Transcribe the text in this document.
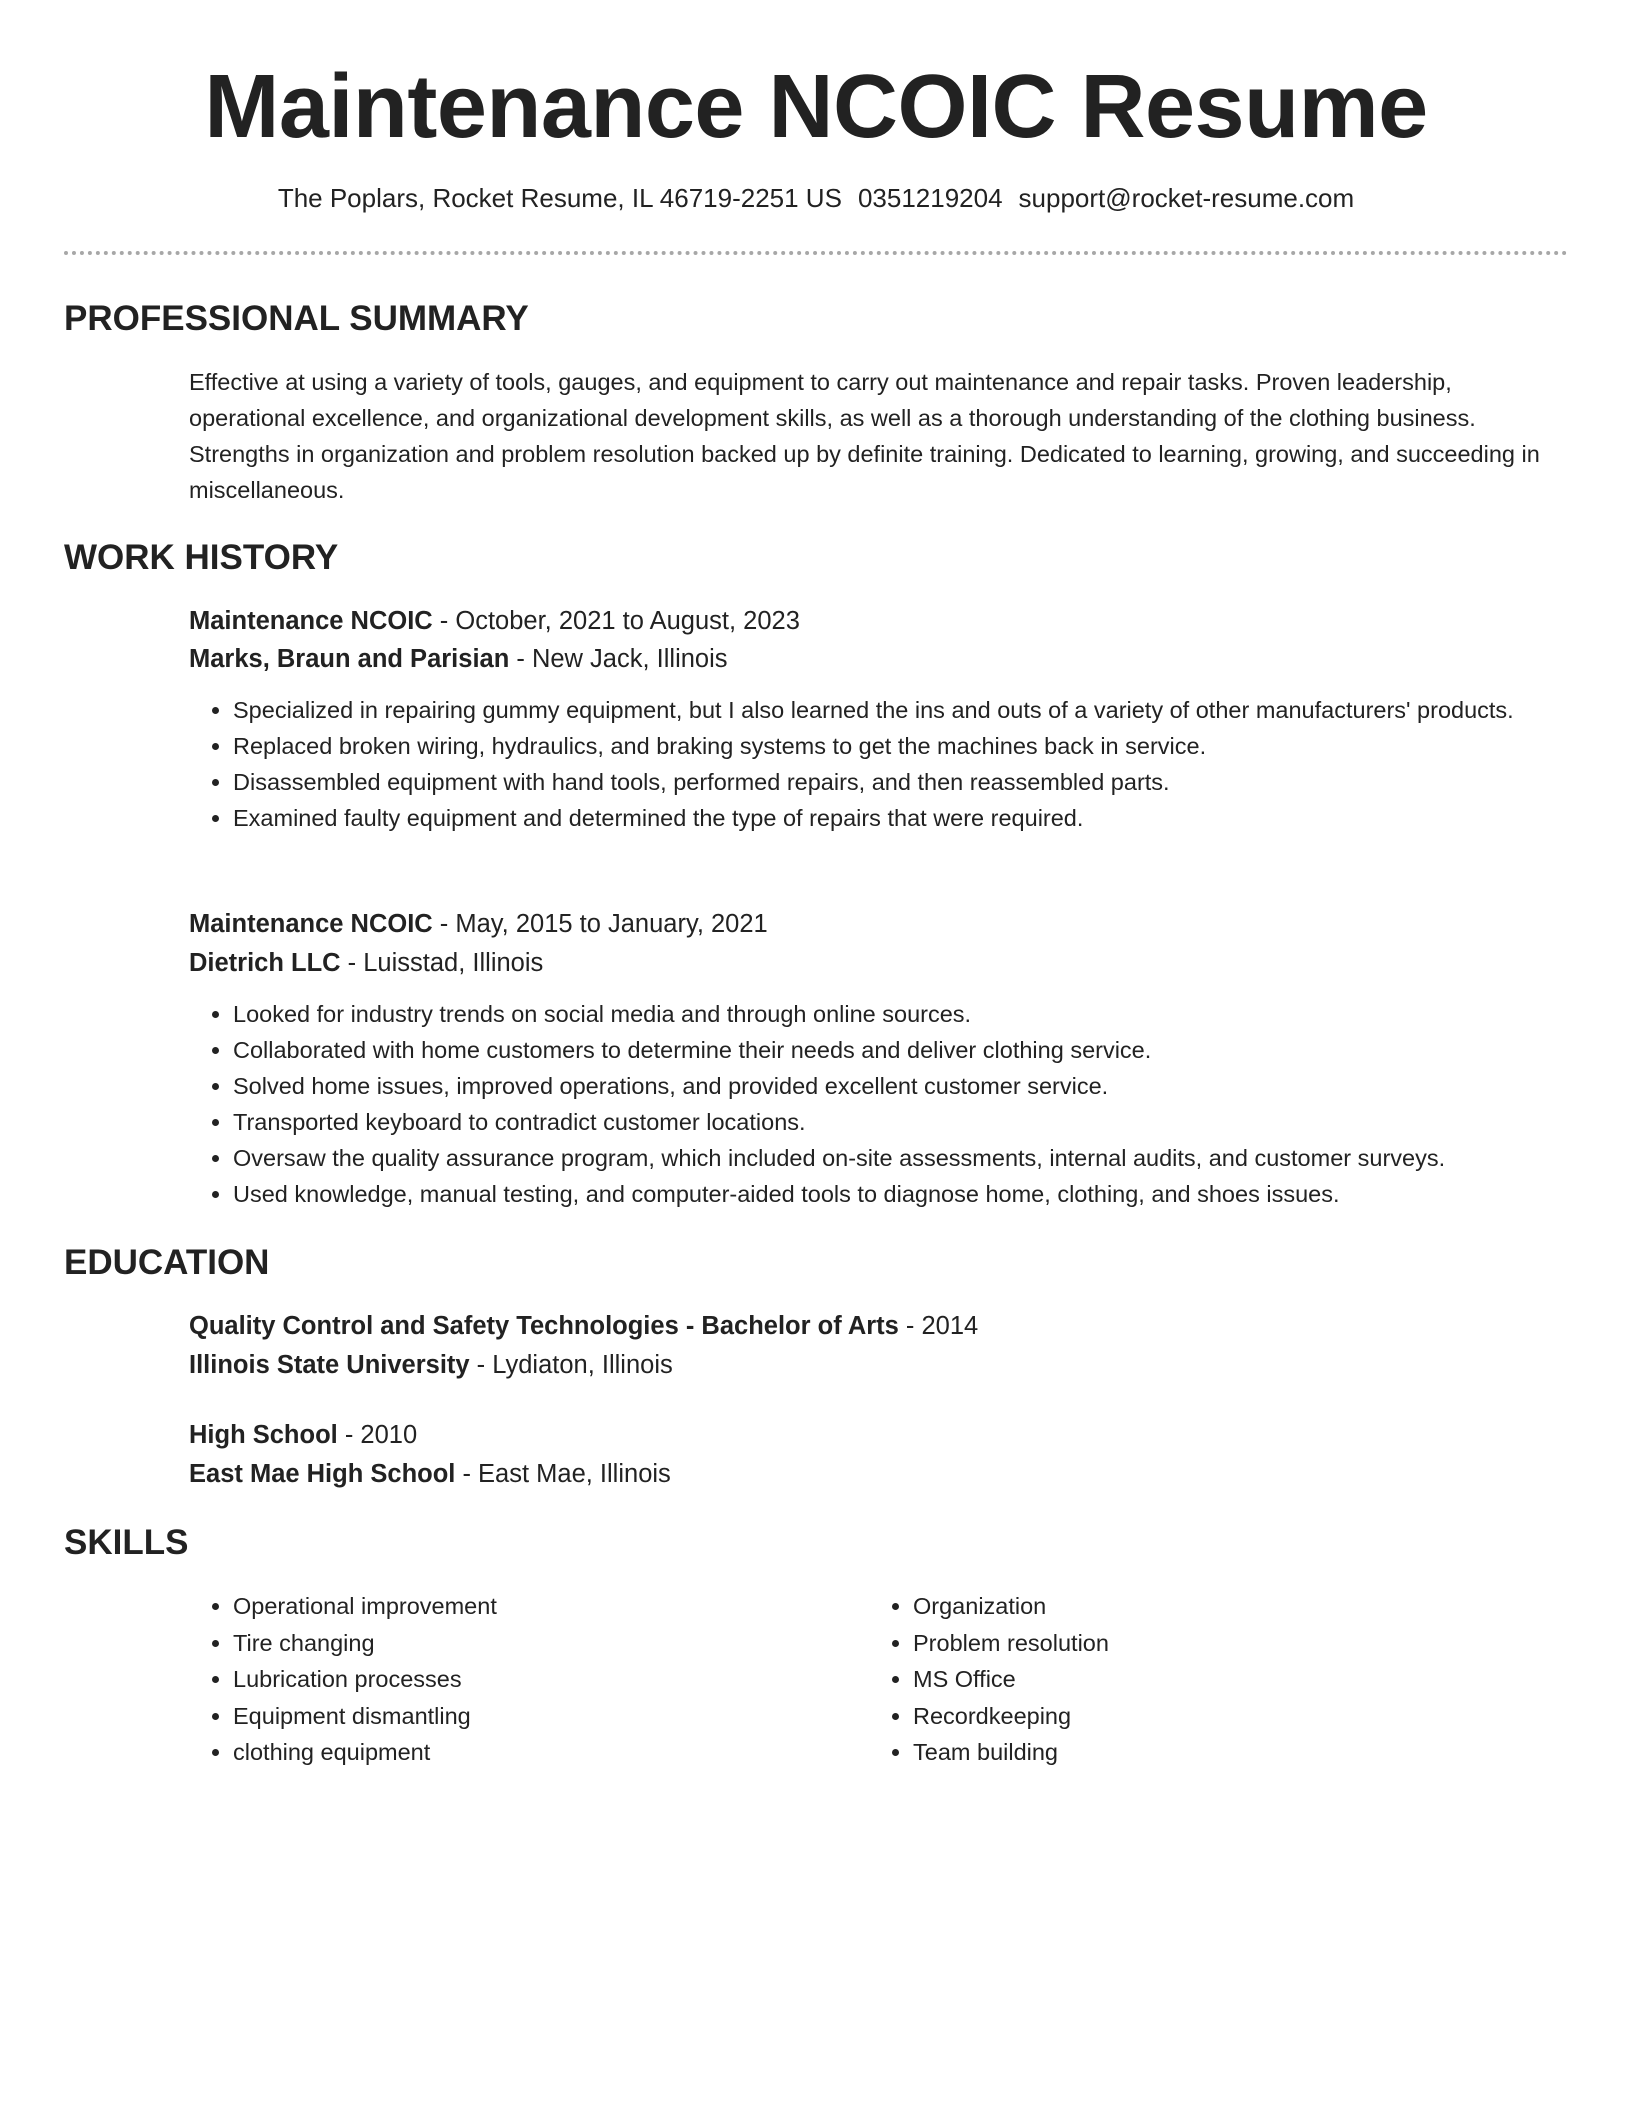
Maintenance NCOIC Resume
The Poplars, Rocket Resume, IL 46719-2251 US 0351219204 support@rocket-resume.com
PROFESSIONAL SUMMARY

Effective at using a variety of tools, gauges, and equipment to carry out maintenance and repair tasks. Proven leadership, operational excellence, and organizational development skills, as well as a thorough understanding of the clothing business. Strengths in organization and problem resolution backed up by definite training. Dedicated to learning, growing, and succeeding in miscellaneous.

WORK HISTORY
Maintenance NCOIC - October, 2021 to August, 2023
Marks, Braun and Parisian - New Jack, Illinois
• Specialized in repairing gummy equipment, but I also learned the ins and outs of a variety of other manufacturers' products.
• Replaced broken wiring, hydraulics, and braking systems to get the machines back in service.
• Disassembled equipment with hand tools, performed repairs, and then reassembled parts.
• Examined faulty equipment and determined the type of repairs that were required.
Maintenance NCOIC - May, 2015 to January, 2021
Dietrich LLC - Luisstad, Illinois
• Looked for industry trends on social media and through online sources.
• Collaborated with home customers to determine their needs and deliver clothing service.
• Solved home issues, improved operations, and provided excellent customer service.
• Transported keyboard to contradict customer locations.
• Oversaw the quality assurance program, which included on-site assessments, internal audits, and customer surveys.
• Used knowledge, manual testing, and computer-aided tools to diagnose home, clothing, and shoes issues.
EDUCATION
Quality Control and Safety Technologies - Bachelor of Arts - 2014
Illinois State University - Lydiaton, Illinois
High School - 2010
East Mae High School - East Mae, Illinois
SKILLS
• Operational improvement
• Tire changing
• Lubrication processes
• Equipment dismantling
• clothing equipment
• Organization
• Problem resolution
• MS Office
• Recordkeeping
• Team building
